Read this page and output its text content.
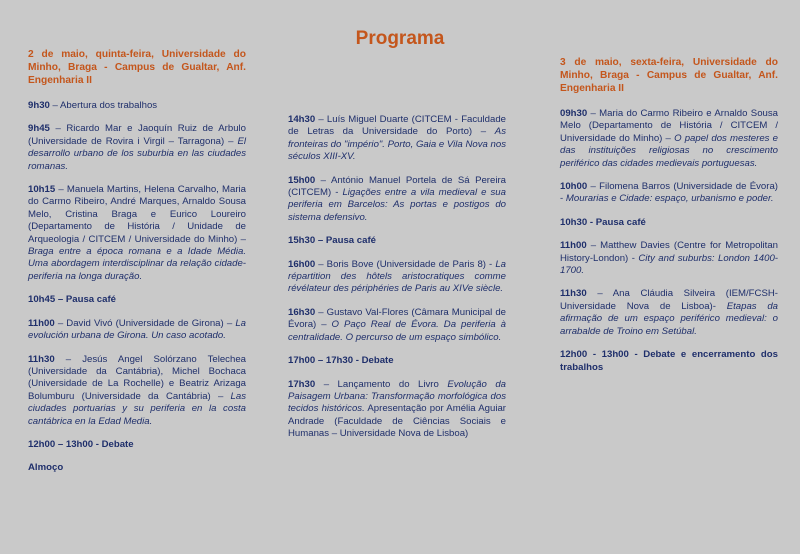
Programa
2 de maio, quinta-feira, Universidade do Minho, Braga - Campus de Gualtar, Anf. Engenharia II
9h30 – Abertura dos trabalhos
9h45 – Ricardo Mar e Jaoquín Ruiz de Arbulo (Universidade de Rovira i Virgil – Tarragona) – El desarrollo urbano de los suburbia en las ciudades romanas.
10h15 – Manuela Martins, Helena Carvalho, Maria do Carmo Ribeiro, André Marques, Arnaldo Sousa Melo, Cristina Braga e Eurico Loureiro (Departamento de História / Unidade de Arqueologia / CITCEM / Universidade do Minho) – Braga entre a época romana e a Idade Média. Uma abordagem interdisciplinar da relação cidade-periferia na longa duração.
10h45 – Pausa café
11h00 – David Vivó (Universidade de Girona) – La evolución urbana de Girona. Un caso acotado.
11h30 – Jesús Angel Solórzano Telechea (Universidade da Cantábria), Michel Bochaca (Universidade de La Rochelle) e Beatriz Arizaga Bolumburu (Universidade da Cantábria) – Las ciudades portuarias y su periferia en la costa cantábrica en la Edad Media.
12h00 – 13h00 - Debate
Almoço
14h30 – Luís Miguel Duarte (CITCEM - Faculdade de Letras da Universidade do Porto) – As fronteiras do "império". Porto, Gaia e Vila Nova nos séculos XIII-XV.
15h00 – António Manuel Portela de Sá Pereira (CITCEM) - Ligações entre a vila medieval e sua periferia em Barcelos: As portas e postigos do sistema defensivo.
15h30 – Pausa café
16h00 – Boris Bove (Universidade de Paris 8) - La répartition des hôtels aristocratiques comme révélateur des périphéries de Paris au XIVe siècle.
16h30 – Gustavo Val-Flores (Câmara Municipal de Évora) – O Paço Real de Évora. Da periferia à centralidade. O percurso de um espaço simbólico.
17h00 – 17h30 - Debate
17h30 – Lançamento do Livro Evolução da Paisagem Urbana: Transformação morfológica dos tecidos históricos. Apresentação por Amélia Aguiar Andrade (Faculdade de Ciências Sociais e Humanas – Universidade Nova de Lisboa)
3 de maio, sexta-feira, Universidade do Minho, Braga - Campus de Gualtar, Anf. Engenharia II
09h30 – Maria do Carmo Ribeiro e Arnaldo Sousa Melo (Departamento de História / CITCEM / Universidade do Minho) – O papel dos mesteres e das instituições religiosas no crescimento periférico das cidades medievais portuguesas.
10h00 – Filomena Barros (Universidade de Évora) - Mourarias e Cidade: espaço, urbanismo e poder.
10h30 - Pausa café
11h00 – Matthew Davies (Centre for Metropolitan History-London) - City and suburbs: London 1400-1700.
11h30 – Ana Cláudia Silveira (IEM/FCSH-Universidade Nova de Lisboa)- Etapas da afirmação de um espaço periférico medieval: o arrabalde de Troino em Setúbal.
12h00 - 13h00 - Debate e encerramento dos trabalhos
